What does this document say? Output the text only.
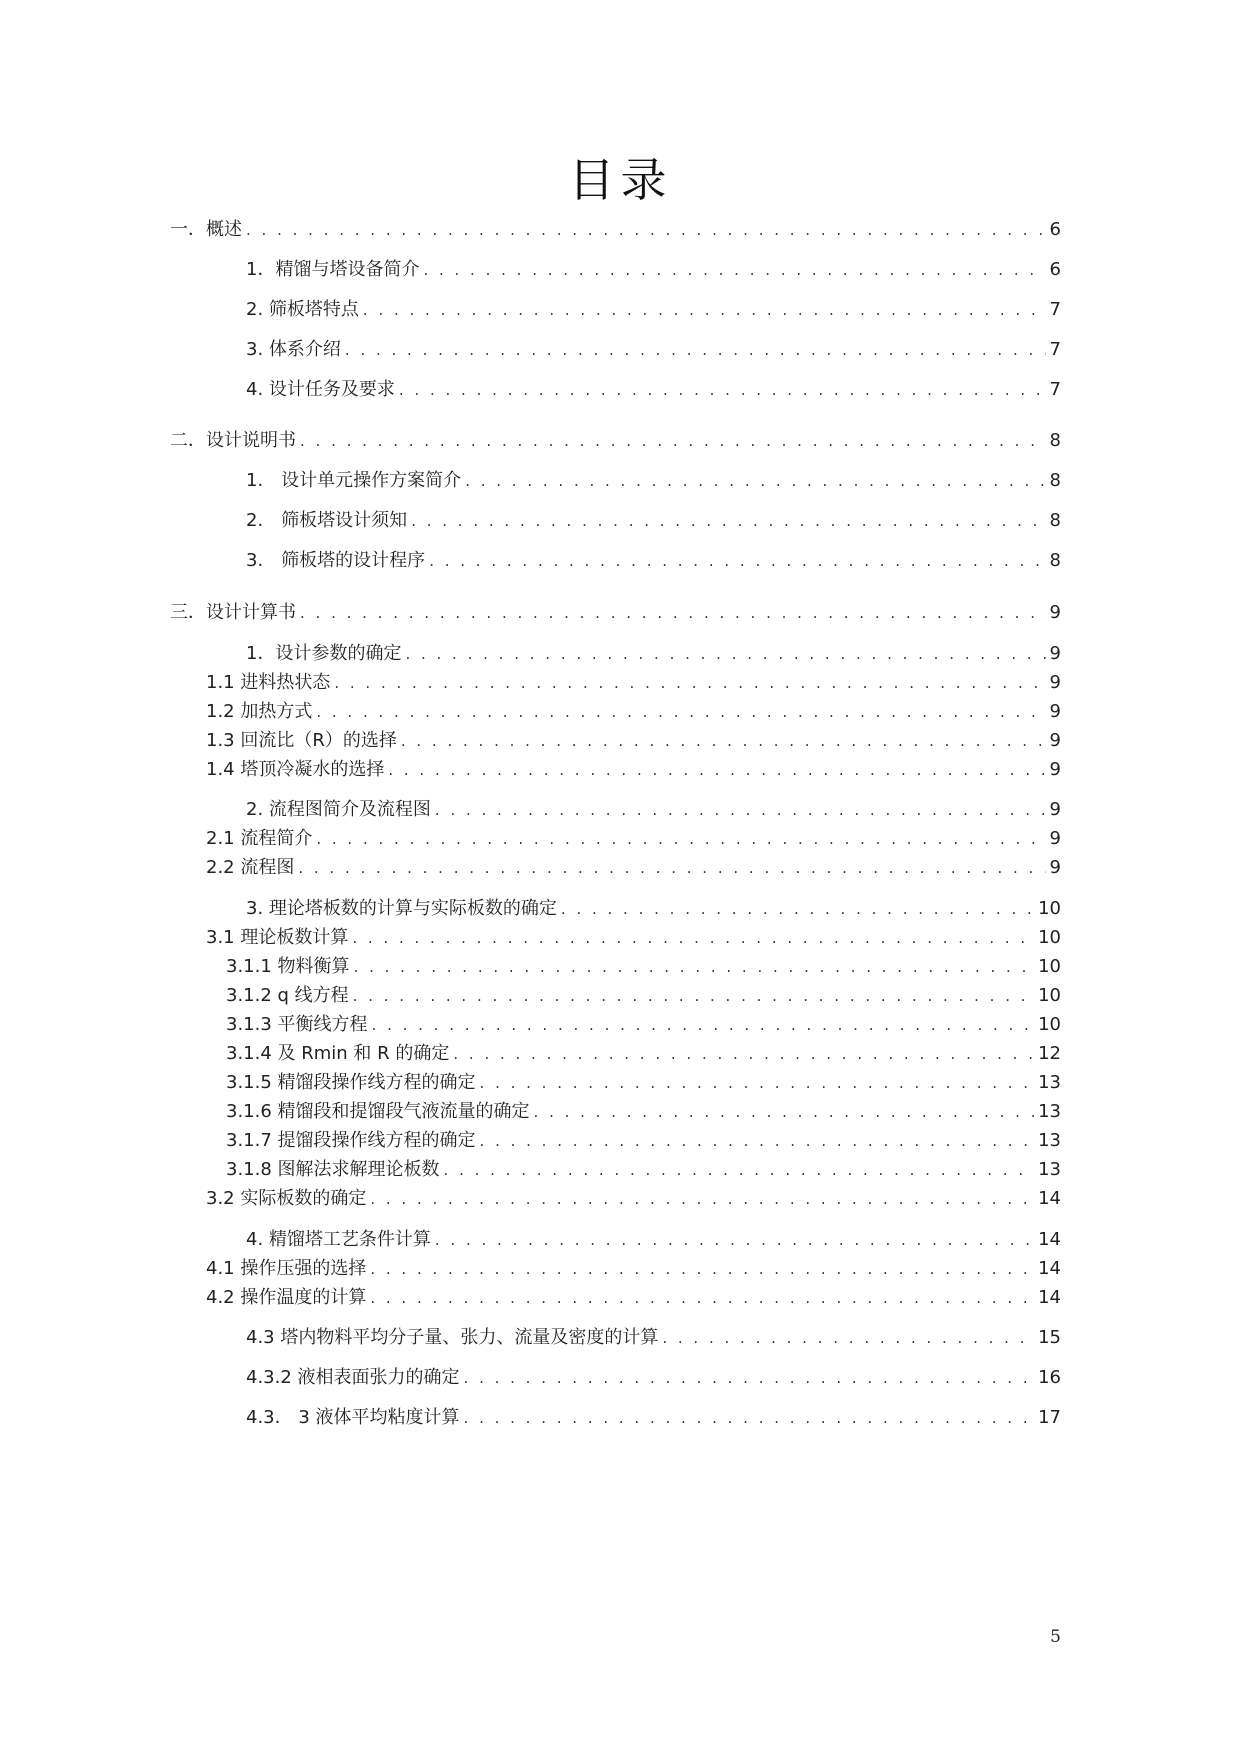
目录
一．概述 . . .	6
1．精馏与塔设备简介 . . .	6
2. 筛板塔特点 . . .	7
3. 体系介绍 . . .	7
4. 设计任务及要求 . . .	7
二．设计说明书 . . .	8
1.　设计单元操作方案简介 . . .	8
2.　筛板塔设计须知 . . .	8
3.　筛板塔的设计程序 . . .	8
三．设计计算书 . . .	9
1．设计参数的确定 . . .	9
1.1 进料热状态 . . .	9
1.2 加热方式 . . .	9
1.3 回流比（R）的选择 . . .	9
1.4 塔顶冷凝水的选择 . . .	9
2. 流程图简介及流程图 . . .	9
2.1 流程简介 . . .	9
2.2 流程图 . . .	9
3. 理论塔板数的计算与实际板数的确定 . . .	10
3.1 理论板数计算 . . .	10
3.1.1 物料衡算 . . .	10
3.1.2 q 线方程 . . .	10
3.1.3 平衡线方程 . . .	10
3.1.4 及 Rmin 和 R 的确定 . . .	12
3.1.5 精馏段操作线方程的确定 . . .	13
3.1.6 精馏段和提馏段气液流量的确定 . . .	13
3.1.7 提馏段操作线方程的确定 . . .	13
3.1.8 图解法求解理论板数 . . .	13
3.2 实际板数的确定 . . .	14
4. 精馏塔工艺条件计算 . . .	14
4.1 操作压强的选择 . . .	14
4.2 操作温度的计算 . . .	14
4.3 塔内物料平均分子量、张力、流量及密度的计算 . . .	15
4.3.2 液相表面张力的确定 . . .	16
4.3.　3 液体平均粘度计算 . . .	17
5
